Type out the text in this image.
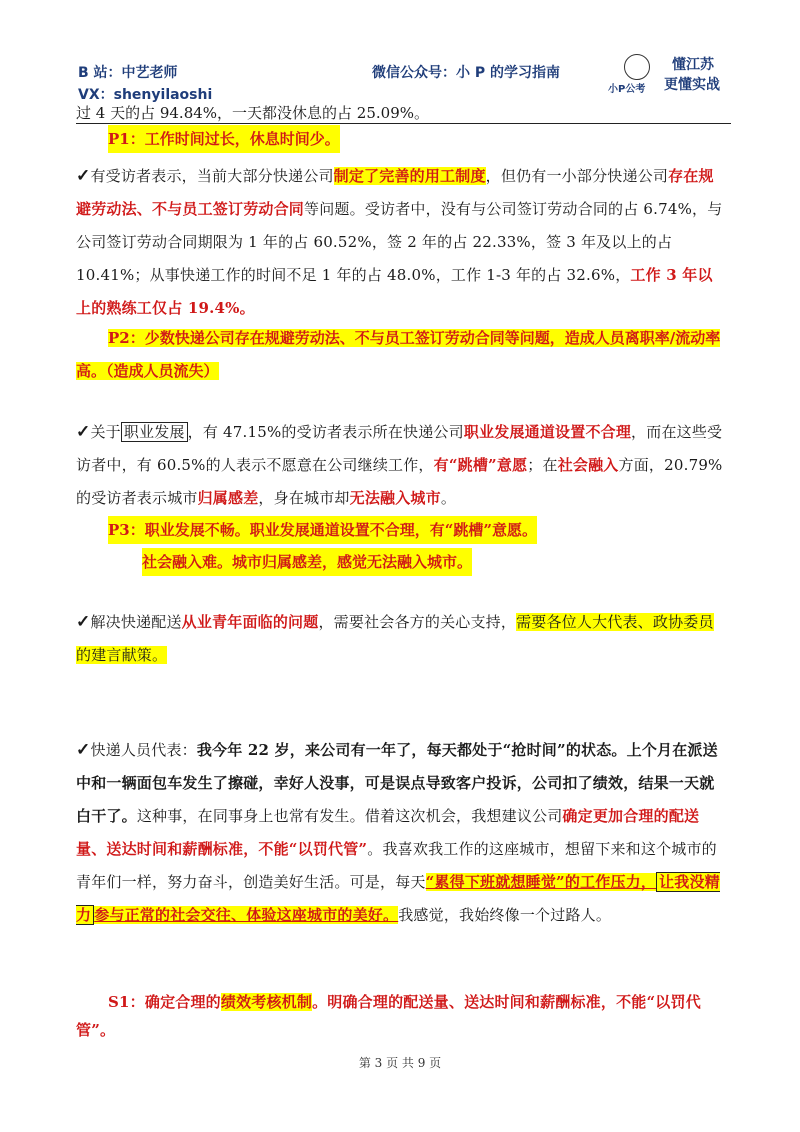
B 站：中艺老师
VX：shenyilaoshi
微信公众号：小 P 的学习指南
小P公考
懂江苏
更懂实战
过 4 天的占 94.84%，一天都没休息的占 25.09%。
P1：工作时间过长，休息时间少。
✓有受访者表示，当前大部分快递公司制定了完善的用工制度，但仍有一小部分快递公司存在规避劳动法、不与员工签订劳动合同等问题。受访者中，没有与公司签订劳动合同的占 6.74%，与公司签订劳动合同期限为 1 年的占 60.52%，签 2 年的占 22.33%，签 3 年及以上的占 10.41%；从事快递工作的时间不足 1 年的占 48.0%，工作 1-3 年的占 32.6%，工作 3 年以上的熟练工仅占 19.4%。
P2：少数快递公司存在规避劳动法、不与员工签订劳动合同等问题，造成人员离职率/流动率高。（造成人员流失）
✓关于 职业发展 ，有 47.15%的受访者表示所在快递公司职业发展通道设置不合理，而在这些受访者中，有 60.5%的人表示不愿意在公司继续工作，有“跳槽”意愿；在社会融入方面，20.79%的受访者表示城市归属感差，身在城市却无法融入城市。
P3：职业发展不畅。职业发展通道设置不合理，有“跳槽”意愿。
社会融入难。城市归属感差，感觉无法融入城市。
✓解决快递配送从业青年面临的问题，需要社会各方的关心支持，需要各位人大代表、政协委员的建言献策。
✓快递人员代表：我今年 22 岁，来公司有一年了，每天都处于“抢时间”的状态。上个月在派送中和一辆面包车发生了擦碰，幸好人没事，可是误点导致客户投诉，公司扣了绩效，结果一天就白干了。这种事，在同事身上也常有发生。借着这次机会，我想建议公司确定更加合理的配送量、送达时间和薪酬标准，不能“以罚代管”。我喜欢我工作的这座城市，想留下来和这个城市的青年们一样，努力奋斗，创造美好生活。可是，每天“累得下班就想睡觉”的工作压力， 让我没精力 参与正常的社会交往、体验这座城市的美好。我感觉，我始终像一个过路人。
S1：确定合理的绩效考核机制。明确合理的配送量、送达时间和薪酬标准，不能“以罚代管”。
第 3 页 共 9 页
